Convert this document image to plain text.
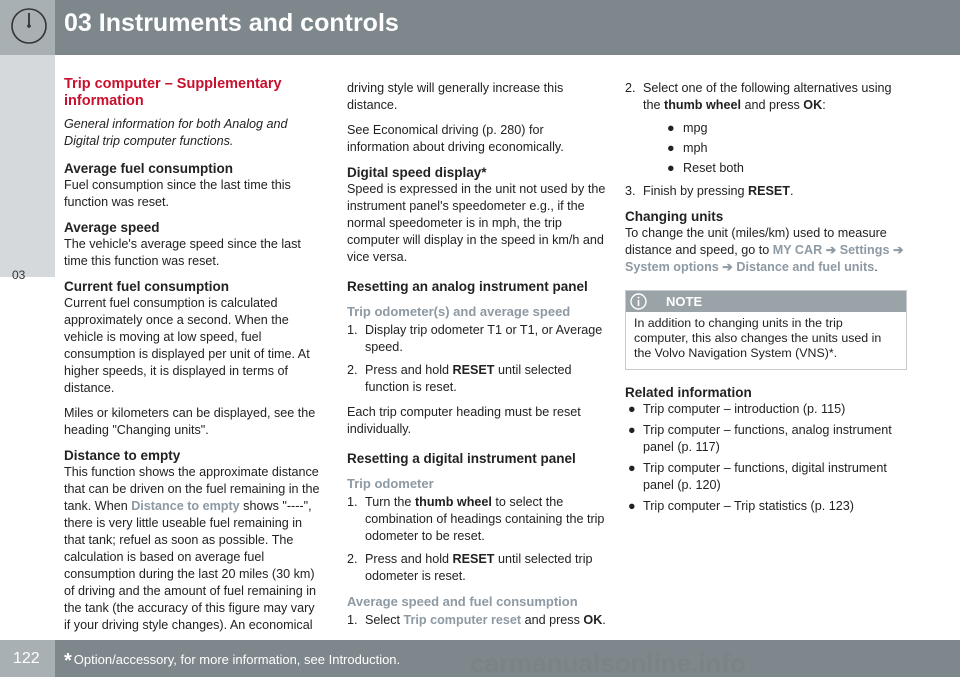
03 Instruments and controls
03
Trip computer – Supplementary information

General information for both Analog and Digital trip computer functions.

Average fuel consumption

Fuel consumption since the last time this function was reset.

Average speed

The vehicle's average speed since the last time this function was reset.

Current fuel consumption

Current fuel consumption is calculated approximately once a second. When the vehicle is moving at low speed, fuel consumption is displayed per unit of time. At higher speeds, it is displayed in terms of distance.

Miles or kilometers can be displayed, see the heading "Changing units".

Distance to empty

This function shows the approximate distance that can be driven on the fuel remaining in the tank. When Distance to empty shows "----", there is very little useable fuel remaining in that tank; refuel as soon as possible. The calculation is based on average fuel consumption during the last 20 miles (30 km) of driving and the amount of fuel remaining in the tank (the accuracy of this figure may vary if your driving style changes). An economical

driving style will generally increase this distance.

See Economical driving (p. 280) for information about driving economically.

Digital speed display*

Speed is expressed in the unit not used by the instrument panel's speedometer e.g., if the normal speedometer is in mph, the trip computer will display in the speed in km/h and vice versa.

Resetting an analog instrument panel
Trip odometer(s) and average speed
1. Display trip odometer T1 or T1, or Average speed.
2. Press and hold RESET until selected function is reset.

Each trip computer heading must be reset individually.

Resetting a digital instrument panel
Trip odometer
1. Turn the thumb wheel to select the combination of headings containing the trip odometer to be reset.
2. Press and hold RESET until selected trip odometer is reset.
Average speed and fuel consumption
1. Select Trip computer reset and press OK.
2. Select one of the following alternatives using the thumb wheel and press OK:
● mpg
● mph
● Reset both
3. Finish by pressing RESET.
Changing units

To change the unit (miles/km) used to measure distance and speed, go to MY CAR ➔ Settings ➔ System options ➔ Distance and fuel units.

NOTE
In addition to changing units in the trip computer, this also changes the units used in the Volvo Navigation System (VNS)*.
Related information
● Trip computer – introduction (p. 115)
● Trip computer – functions, analog instrument panel (p. 117)
● Trip computer – functions, digital instrument panel (p. 120)
● Trip computer – Trip statistics (p. 123)
122 * Option/accessory, for more information, see Introduction.	carmanualsonline.info
